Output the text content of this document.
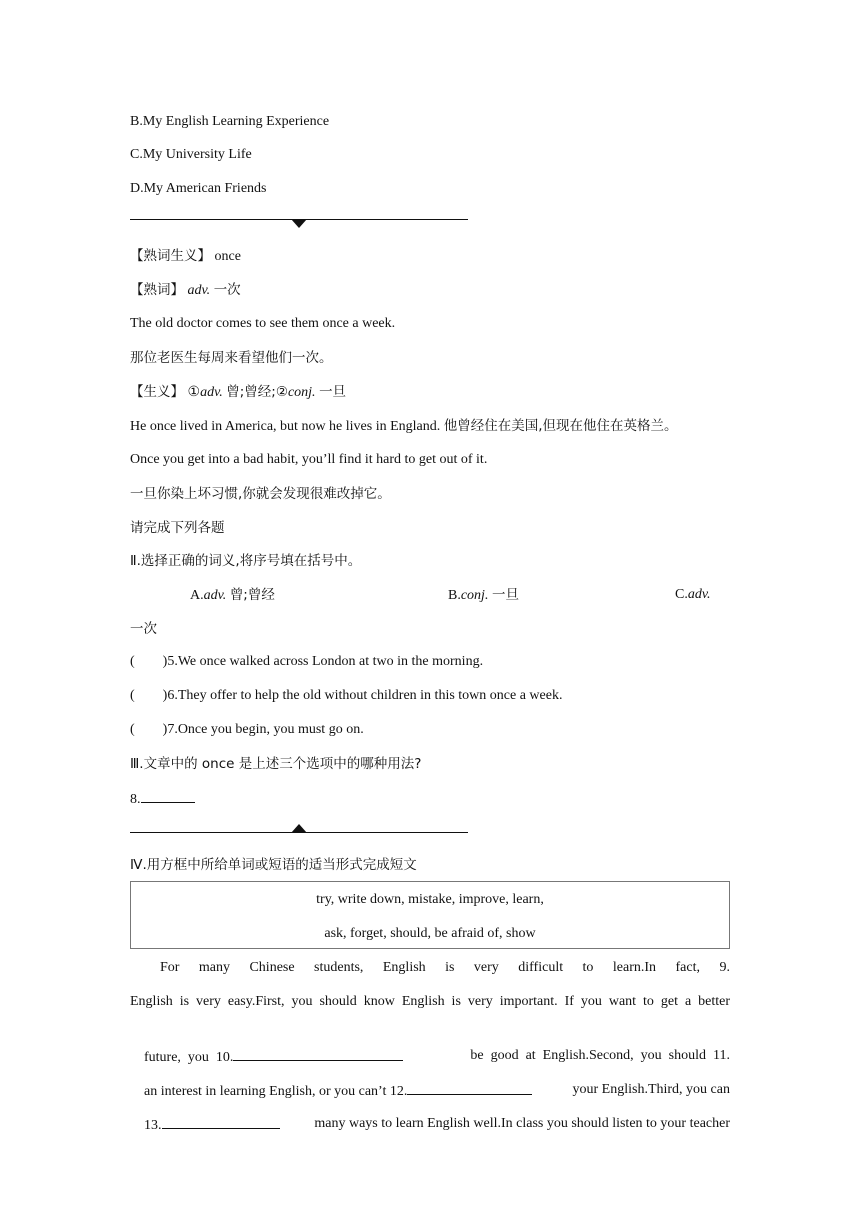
B.My English Learning Experience
C.My University Life
D.My American Friends
【熟词生义】 once
【熟词】 adv. 一次
The old doctor comes to see them once a week.
那位老医生每周来看望他们一次。
【生义】 ①adv. 曾;曾经;②conj. 一旦
He once lived in America, but now he lives in England. 他曾经住在美国,但现在他住在英格兰。
Once you get into a bad habit, you’ll find it hard to get out of it.
一旦你染上坏习惯,你就会发现很难改掉它。
请完成下列各题
Ⅱ.选择正确的词义,将序号填在括号中。
A.adv. 曾;曾经	B.conj. 一旦	C.adv.
一次
(        )5.We once walked across London at two in the morning.
(        )6.They offer to help the old without children in this town once a week.
(        )7.Once you begin, you must go on.
Ⅲ.文章中的 once 是上述三个选项中的哪种用法?
8.
Ⅳ.用方框中所给单词或短语的适当形式完成短文
try, write down, mistake, improve, learn,
ask, forget, should, be afraid of, show
For many Chinese students, English is very difficult to learn.In fact, 9.
English is very easy.First, you should know English is very important. If you want to get a better

future,  you  10.	be  good  at  English.Second,  you  should  11.

an interest in learning English, or you can’t 12.	your English.Third, you can

13.	many ways to learn English well.In class you should listen to your teacher
